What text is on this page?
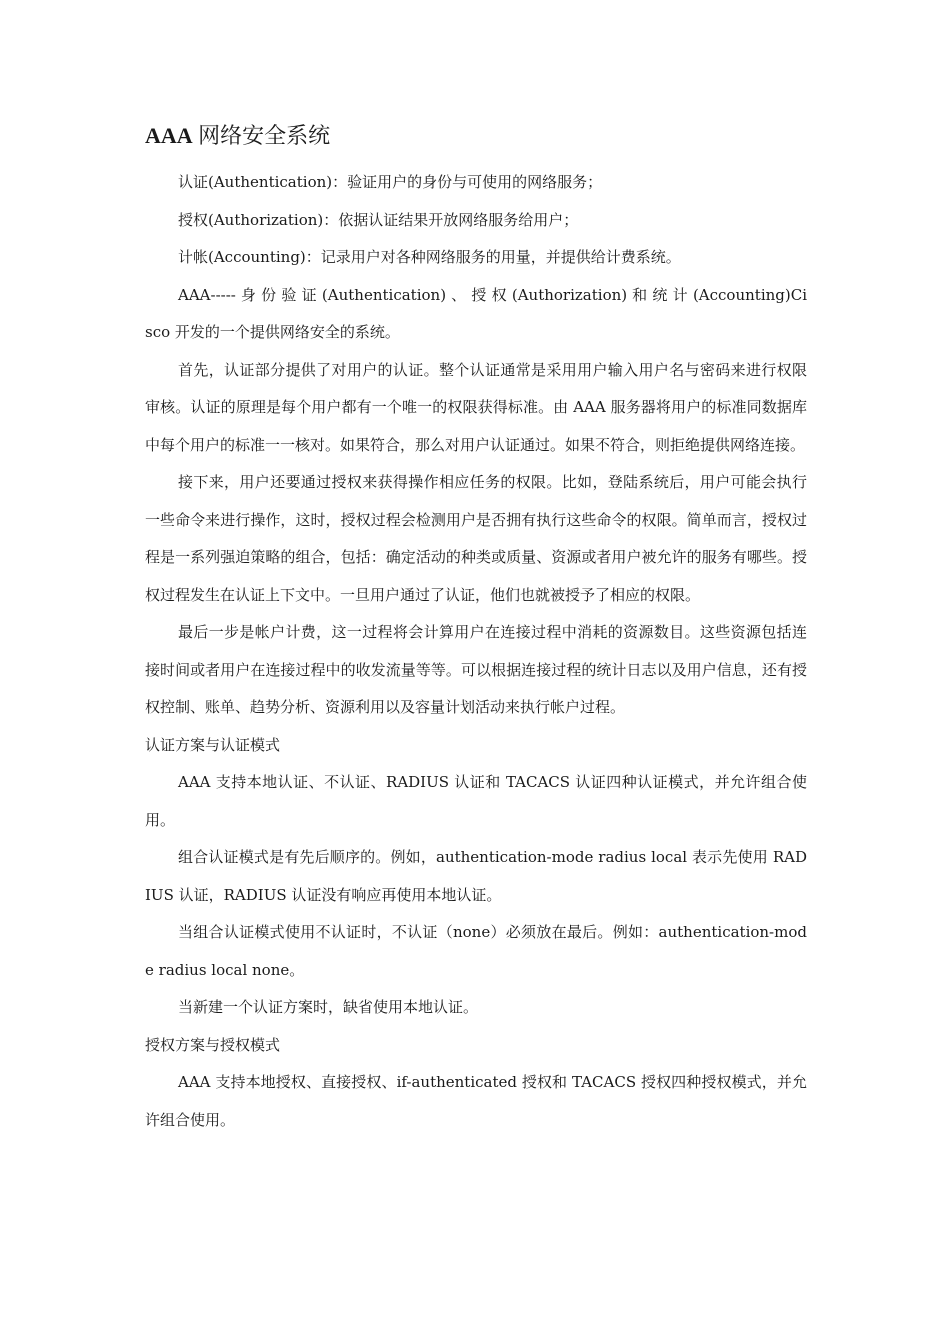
AAA 网络安全系统

认证(Authentication)：验证用户的身份与可使用的网络服务；

授权(Authorization)：依据认证结果开放网络服务给用户；

计帐(Accounting)：记录用户对各种网络服务的用量，并提供给计费系统。

AAA----- 身 份 验 证 (Authentication) 、 授 权 (Authorization) 和 统 计 (Accounting)Cisco 开发的一个提供网络安全的系统。

首先，认证部分提供了对用户的认证。整个认证通常是采用用户输入用户名与密码来进行权限审核。认证的原理是每个用户都有一个唯一的权限获得标准。由 AAA 服务器将用户的标准同数据库中每个用户的标准一一核对。如果符合，那么对用户认证通过。如果不符合，则拒绝提供网络连接。

接下来，用户还要通过授权来获得操作相应任务的权限。比如，登陆系统后，用户可能会执行一些命令来进行操作，这时，授权过程会检测用户是否拥有执行这些命令的权限。简单而言，授权过程是一系列强迫策略的组合，包括：确定活动的种类或质量、资源或者用户被允许的服务有哪些。授权过程发生在认证上下文中。一旦用户通过了认证，他们也就被授予了相应的权限。

最后一步是帐户计费，这一过程将会计算用户在连接过程中消耗的资源数目。这些资源包括连接时间或者用户在连接过程中的收发流量等等。可以根据连接过程的统计日志以及用户信息，还有授权控制、账单、趋势分析、资源利用以及容量计划活动来执行帐户过程。

认证方案与认证模式

AAA 支持本地认证、不认证、RADIUS 认证和 TACACS 认证四种认证模式，并允许组合使用。

组合认证模式是有先后顺序的。例如，authentication-mode radius local 表示先使用 RADIUS 认证，RADIUS 认证没有响应再使用本地认证。

当组合认证模式使用不认证时，不认证（none）必须放在最后。例如：authentication-mode radius local none。

当新建一个认证方案时，缺省使用本地认证。

授权方案与授权模式

AAA 支持本地授权、直接授权、if-authenticated 授权和 TACACS 授权四种授权模式，并允许组合使用。
